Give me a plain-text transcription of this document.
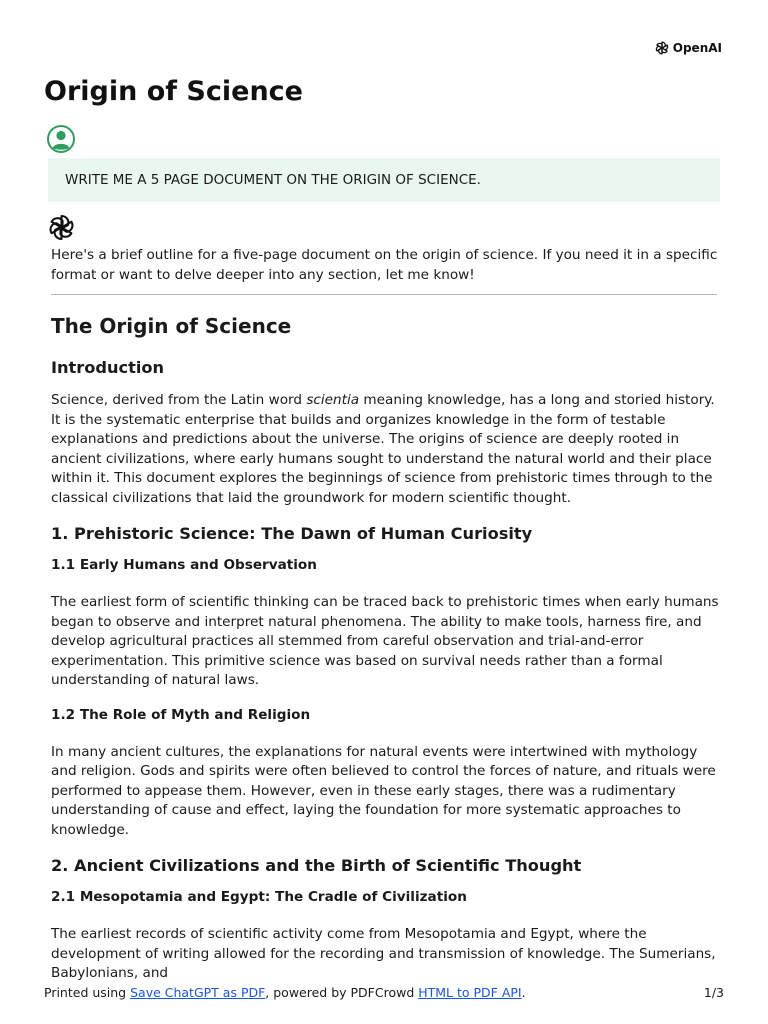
OpenAI
Origin of Science
WRITE ME A 5 PAGE DOCUMENT ON THE ORIGIN OF SCIENCE.

Here's a brief outline for a five-page document on the origin of science. If you need it in a specific format or want to delve deeper into any section, let me know!

The Origin of Science
Introduction

Science, derived from the Latin word scientia meaning knowledge, has a long and storied history. It is the systematic enterprise that builds and organizes knowledge in the form of testable explanations and predictions about the universe. The origins of science are deeply rooted in ancient civilizations, where early humans sought to understand the natural world and their place within it. This document explores the beginnings of science from prehistoric times through to the classical civilizations that laid the groundwork for modern scientific thought.

1. Prehistoric Science: The Dawn of Human Curiosity
1.1 Early Humans and Observation

The earliest form of scientific thinking can be traced back to prehistoric times when early humans began to observe and interpret natural phenomena. The ability to make tools, harness fire, and develop agricultural practices all stemmed from careful observation and trial-and-error experimentation. This primitive science was based on survival needs rather than a formal understanding of natural laws.

1.2 The Role of Myth and Religion

In many ancient cultures, the explanations for natural events were intertwined with mythology and religion. Gods and spirits were often believed to control the forces of nature, and rituals were performed to appease them. However, even in these early stages, there was a rudimentary understanding of cause and effect, laying the foundation for more systematic approaches to knowledge.

2. Ancient Civilizations and the Birth of Scientific Thought
2.1 Mesopotamia and Egypt: The Cradle of Civilization

The earliest records of scientific activity come from Mesopotamia and Egypt, where the development of writing allowed for the recording and transmission of knowledge. The Sumerians, Babylonians, and

Printed using Save ChatGPT as PDF, powered by PDFCrowd HTML to PDF API.	1/3
